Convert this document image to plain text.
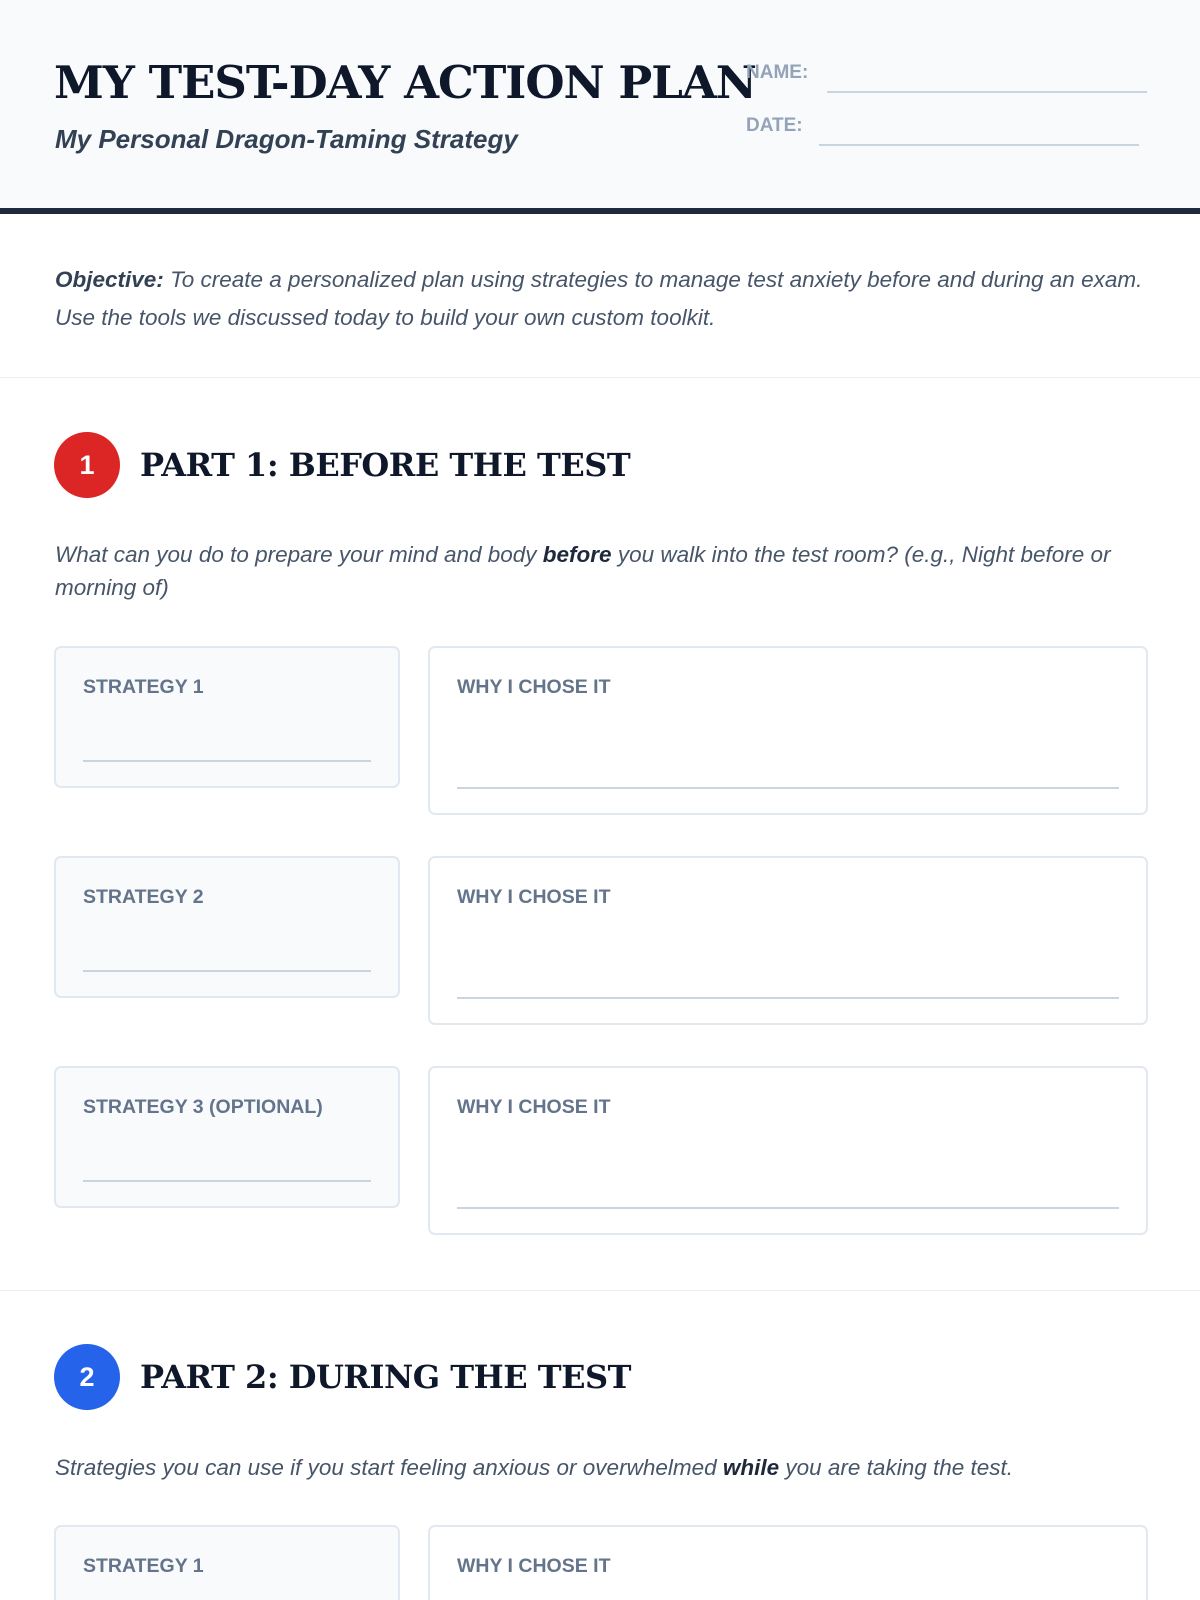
MY TEST-DAY ACTION PLAN
My Personal Dragon-Taming Strategy
NAME:
DATE:
Objective: To create a personalized plan using strategies to manage test anxiety before and during an exam. Use the tools we discussed today to build your own custom toolkit.
1	PART 1: BEFORE THE TEST
What can you do to prepare your mind and body before you walk into the test room? (e.g., Night before or morning of)
STRATEGY 1	WHY I CHOSE IT
STRATEGY 2	WHY I CHOSE IT
STRATEGY 3 (OPTIONAL)	WHY I CHOSE IT
2	PART 2: DURING THE TEST
Strategies you can use if you start feeling anxious or overwhelmed while you are taking the test.
STRATEGY 1	WHY I CHOSE IT
